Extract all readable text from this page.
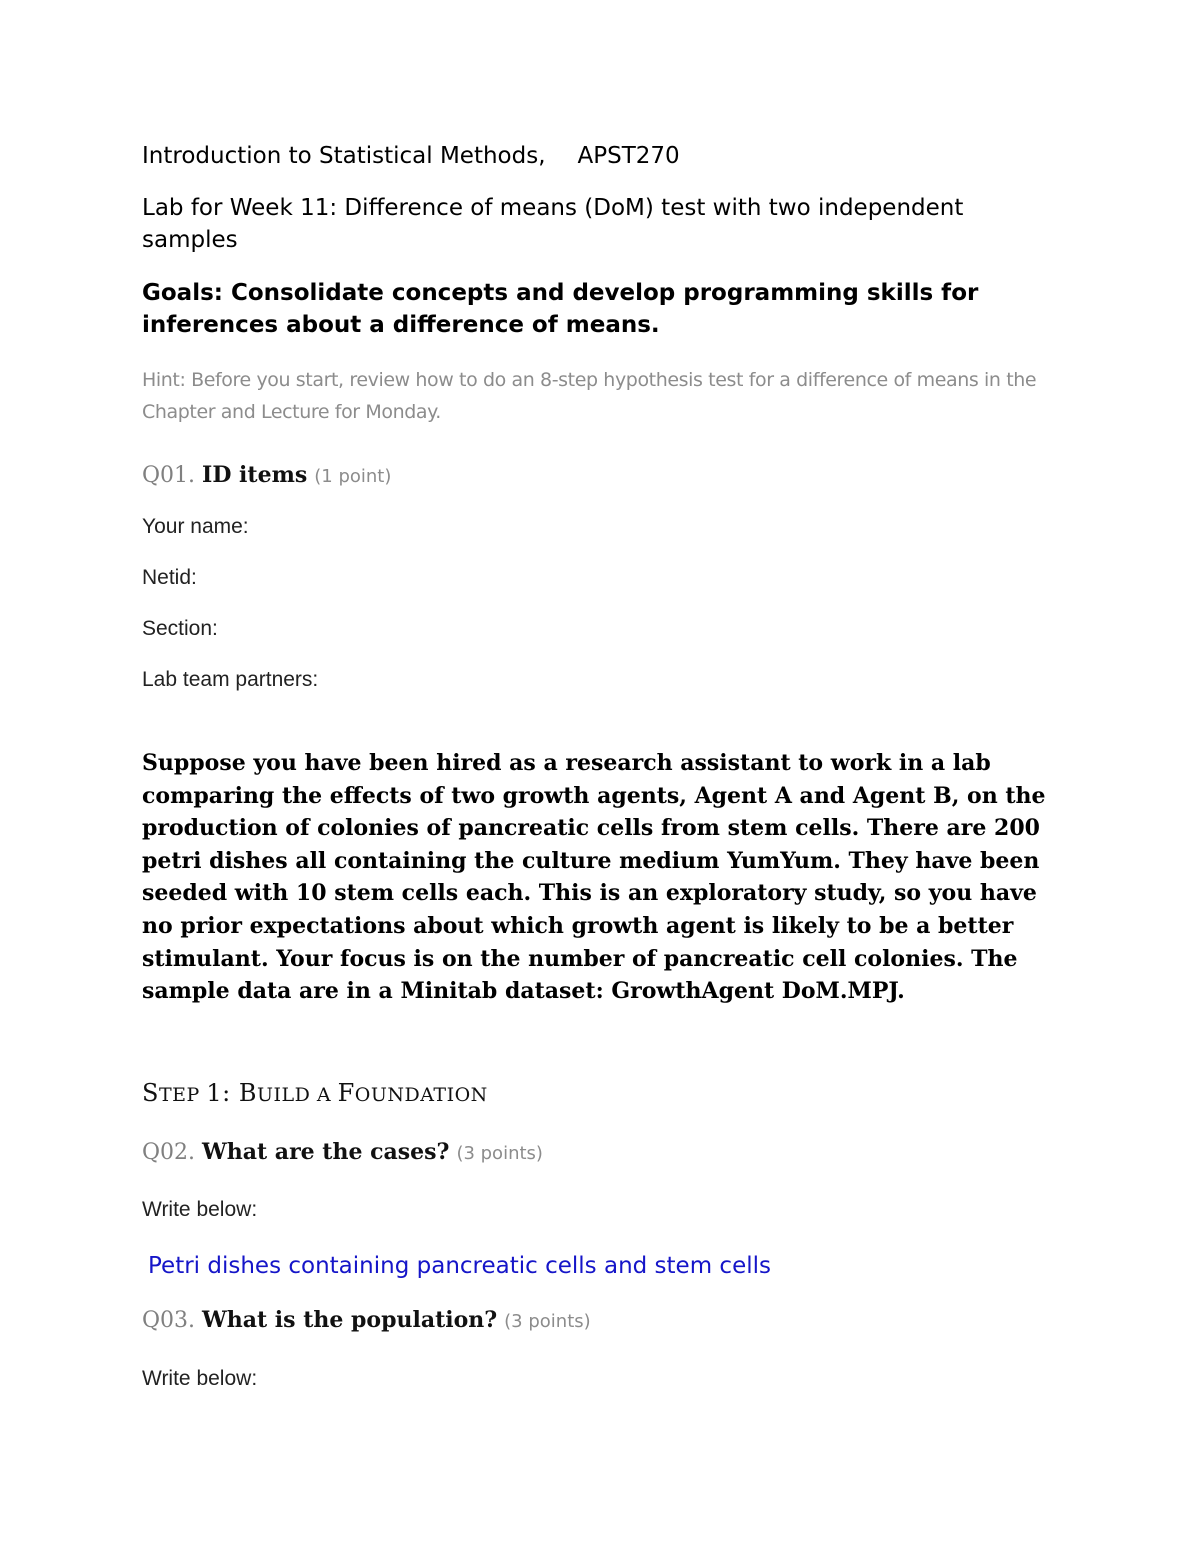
Introduction to Statistical Methods, APST270

Lab for Week 11: Difference of means (DoM) test with two independent samples

Goals: Consolidate concepts and develop programming skills for inferences about a difference of means.

Hint: Before you start, review how to do an 8-step hypothesis test for a difference of means in the Chapter and Lecture for Monday.

Q01. ID items (1 point)

Your name:

Netid:

Section:

Lab team partners:

Suppose you have been hired as a research assistant to work in a lab comparing the effects of two growth agents, Agent A and Agent B, on the production of colonies of pancreatic cells from stem cells. There are 200 petri dishes all containing the culture medium YumYum. They have been seeded with 10 stem cells each. This is an exploratory study, so you have no prior expectations about which growth agent is likely to be a better stimulant. Your focus is on the number of pancreatic cell colonies. The sample data are in a Minitab dataset: GrowthAgent DoM.MPJ.

STEP 1: BUILD A FOUNDATION

Q02. What are the cases? (3 points)

Write below:

Petri dishes containing pancreatic cells and stem cells

Q03. What is the population? (3 points)

Write below:
